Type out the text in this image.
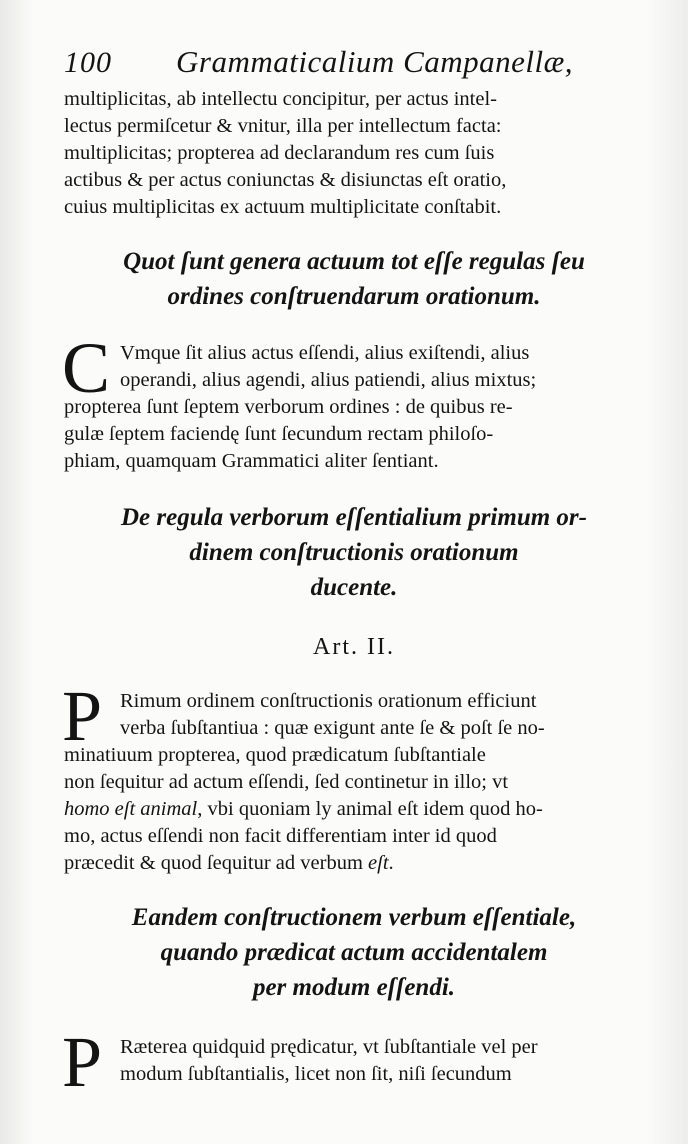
100 Grammaticalium Campanellæ,
multiplicitas, ab intellectu concipitur, per actus intel-
lectus permiſcetur & vnitur, illa per intellectum facta:
multiplicitas; propterea ad declarandum res cum ſuis
actibus & per actus coniunctas & disiunctas eſt oratio,
cuius multiplicitas ex actuum multiplicitate conſtabit.
Quot ſunt genera actuum tot eſſe regulas ſeu
ordines conſtruendarum orationum.
C Vmque ſit alius actus eſſendi, alius exiſtendi, alius
operandi, alius agendi, alius patiendi, alius mixtus;
propterea ſunt ſeptem verborum ordines : de quibus re-
gulæ ſeptem faciendę ſunt ſecundum rectam philoſo-
phiam, quamquam Grammatici aliter ſentiant.
De regula verborum eſſentialium primum or-
dinem conſtructionis orationum
ducente.
Art. II.
P Rimum ordinem conſtructionis orationum efficiunt
verba ſubſtantiua : quæ exigunt ante ſe & poſt ſe no-
minatiuum propterea, quod prædicatum ſubſtantiale
non ſequitur ad actum eſſendi, ſed continetur in illo; vt
homo eſt animal, vbi quoniam ly animal eſt idem quod ho-
mo, actus eſſendi non facit differentiam inter id quod
præcedit & quod ſequitur ad verbum eſt.
Eandem conſtructionem verbum eſſentiale,
quando prædicat actum accidentalem
per modum eſſendi.
P Ræterea quidquid prędicatur, vt ſubſtantiale vel per
modum ſubſtantialis, licet non ſit, niſi ſecundum
